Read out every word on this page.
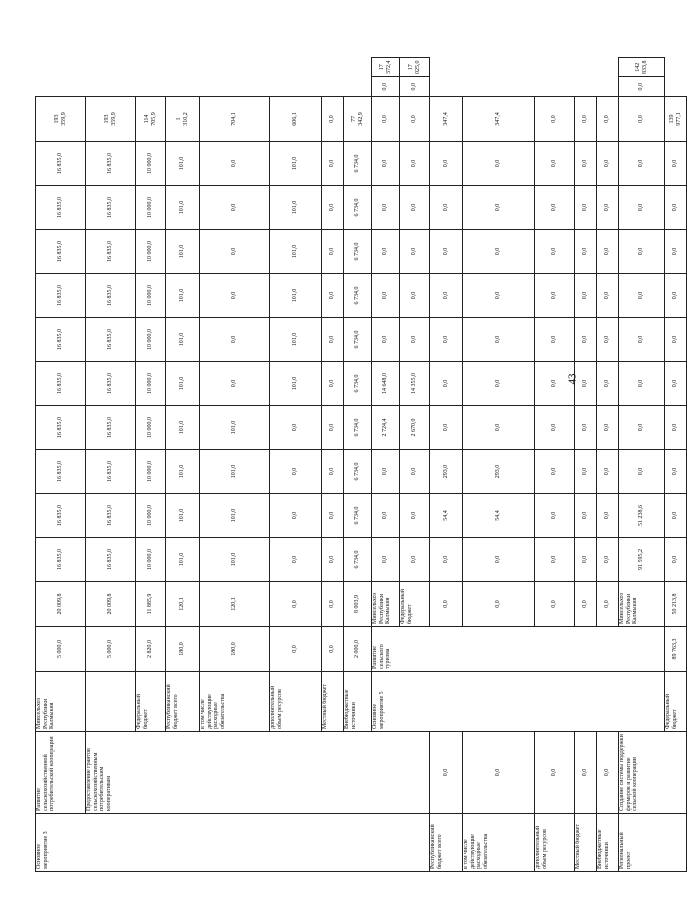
Основное мероприятие 3	Развитие сельскохозяйственной потребительской кооперации	Минсельхоз Республики Калмыкия	5 000,0	20 009,8	16 835,0	16 835,0	16 835,0	16 835,0	16 835,0	16 835,0	16 835,0	16 835,0	16 835,0	16 835,0	193
359,9		
	Предоставление грантов сельскохозяйственным потребительским кооперативам		5 000,0	20 009,8	16 835,0	16 835,0	16 835,0	16 835,0	16 835,0	16 835,0	16 835,0	16 835,0	16 835,0	16 835,0	193
359,9		
		Федеральный бюджет	2 820,0	11 885,9	10 000,0	10 000,0	10 000,0	10 000,0	10 000,0	10 000,0	10 000,0	10 000,0	10 000,0	10 000,0	114
705,9		
		Республиканский бюджет всего	180,0	120,1	101,0	101,0	101,0	101,0	101,0	101,0	101,0	101,0	101,0	101,0	1
310,2		
		в том числе действующие расходные обязательства	180,0	120,1	101,0	101,0	101,0	101,0	0,0	0,0	0,0	0,0	0,0	0,0	704,1		
		дополнительный объем ресурсов	0,0	0,0	0,0	0,0	0,0	0,0	101,0	101,0	101,0	101,0	101,0	101,0	606,1		
		Местный бюджет	0,0	0,0	0,0	0,0	0,0	0,0	0,0	0,0	0,0	0,0	0,0	0,0	0,0		
		Внебюджетные источники	2 000,0	8 003,9	6 734,0	6 734,0	6 734,0	6 734,0	6 734,0	6 734,0	6 734,0	6 734,0	6 734,0	6 734,0	77
342,9		
		Основное мероприятие 5	Развитие сельского туризма	Минсельхоз Республики Калмыкия	0,0	0,0	0,0	2 724,4	14 648,0	0,0	0,0	0,0	0,0	0,0	0,0	0,0	17
372,4
				Федеральный бюджет	0,0	0,0	0,0	2 670,0	14 355,0	0,0	0,0	0,0	0,0	0,0	0,0	0,0	17
025,0
Республиканский бюджет всего	0,0			0,0	0,0	54,4	293,0	0,0	0,0	0,0	0,0	0,0	0,0	0,0	347,4		
в том числе действующие расходные обязательства	0,0			0,0	0,0	54,4	293,0	0,0	0,0	0,0	0,0	0,0	0,0	0,0	347,4		
дополнительный объем ресурсов	0,0			0,0	0,0	0,0	0,0	0,0	0,0	0,0	0,0	0,0	0,0	0,0	0,0		
Местный бюджет	0,0			0,0	0,0	0,0	0,0	0,0	0,0	0,0	0,0	0,0	0,0	0,0	0,0		
Внебюджетные источники	0,0			0,0	0,0	0,0	0,0	0,0	0,0	0,0	0,0	0,0	0,0	0,0	0,0		
Региональный проект	Создание системы поддержки фермеров и развитие сельской кооперации			Минсельхоз Республики Калмыкия	91 595,2	51 238,6	0,0	0,0	0,0	0,0	0,0	0,0	0,0	0,0	0,0	0,0	142
833,8
		Федеральный бюджет	89 763,3	50 213,8	0,0	0,0	0,0	0,0	0,0	0,0	0,0	0,0	0,0	0,0	139
977,1		
43
